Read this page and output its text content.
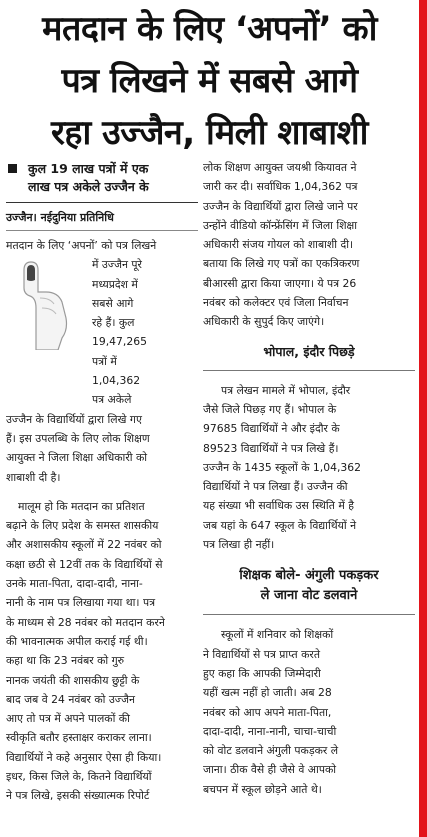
मतदान के लिए ‘अपनों’ को
पत्र लिखने में सबसे आगे
रहा उज्जैन, मिली शाबाशी
कुल 19 लाख पत्रों में एक
लाख पत्र अकेले उज्जैन के
उज्जैन। नईदुनिया प्रतिनिधि
मतदान के लिए ‘अपनों’ को पत्र लिखने
में उज्जैन पूरे
मध्यप्रदेश में
सबसे आगे
रहे हैं। कुल
19,47,265
पत्रों में
1,04,362
पत्र अकेले
उज्जैन के विद्यार्थियों द्वारा लिखे गए
हैं। इस उपलब्धि के लिए लोक शिक्षण
आयुक्त ने जिला शिक्षा अधिकारी को
शाबाशी दी है।
मालूम हो कि मतदान का प्रतिशत
बढ़ाने के लिए प्रदेश के समस्त शासकीय
और अशासकीय स्कूलों में 22 नवंबर को
कक्षा छठी से 12वीं तक के विद्यार्थियों से
उनके माता-पिता, दादा-दादी, नाना-
नानी के नाम पत्र लिखाया गया था। पत्र
के माध्यम से 28 नवंबर को मतदान करने
की भावनात्मक अपील कराई गई थी।
कहा था कि 23 नवंबर को गुरु
नानक जयंती की शासकीय छुट्टी के
बाद जब वे 24 नवंबर को उज्जैन
आए तो पत्र में अपने पालकों की
स्वीकृति बतौर हस्ताक्षर कराकर लाना।
विद्यार्थियों ने कहे अनुसार ऐसा ही किया।
इधर, किस जिले के, कितने विद्यार्थियों
ने पत्र लिखे, इसकी संख्यात्मक रिपोर्ट
लोक शिक्षण आयुक्त जयश्री कियावत ने
जारी कर दी। सर्वाधिक 1,04,362 पत्र
उज्जैन के विद्यार्थियों द्वारा लिखे जाने पर
उन्होंने वीडियो कॉन्फ्रेंसिंग में जिला शिक्षा
अधिकारी संजय गोयल को शाबाशी दी।
बताया कि लिखे गए पत्रों का एकत्रिकरण
बीआरसी द्वारा किया जाएगा। ये पत्र 26
नवंबर को कलेक्टर एवं जिला निर्वाचन
अधिकारी के सुपुर्द किए जाएंगे।
भोपाल, इंदौर पिछड़े
पत्र लेखन मामले में भोपाल, इंदौर
जैसे जिले पिछड़ गए हैं। भोपाल के
97685 विद्यार्थियों ने और इंदौर के
89523 विद्यार्थियों ने पत्र लिखे हैं।
उज्जैन के 1435 स्कूलों के 1,04,362
विद्यार्थियों ने पत्र लिखा हैं। उज्जैन की
यह संख्या भी सर्वाधिक उस स्थिति में है
जब यहां के 647 स्कूल के विद्यार्थियों ने
पत्र लिखा ही नहीं।
शिक्षक बोले- अंगुली पकड़कर
ले जाना वोट डलवाने
स्कूलों में शनिवार को शिक्षकों
ने विद्यार्थियों से पत्र प्राप्त करते
हुए कहा कि आपकी जिम्मेदारी
यहीं खत्म नहीं हो जाती। अब 28
नवंबर को आप अपने माता-पिता,
दादा-दादी, नाना-नानी, चाचा-चाची
को वोट डलवाने अंगुली पकड़कर ले
जाना। ठीक वैसे ही जैसे वे आपको
बचपन में स्कूल छोड़ने आते थे।
